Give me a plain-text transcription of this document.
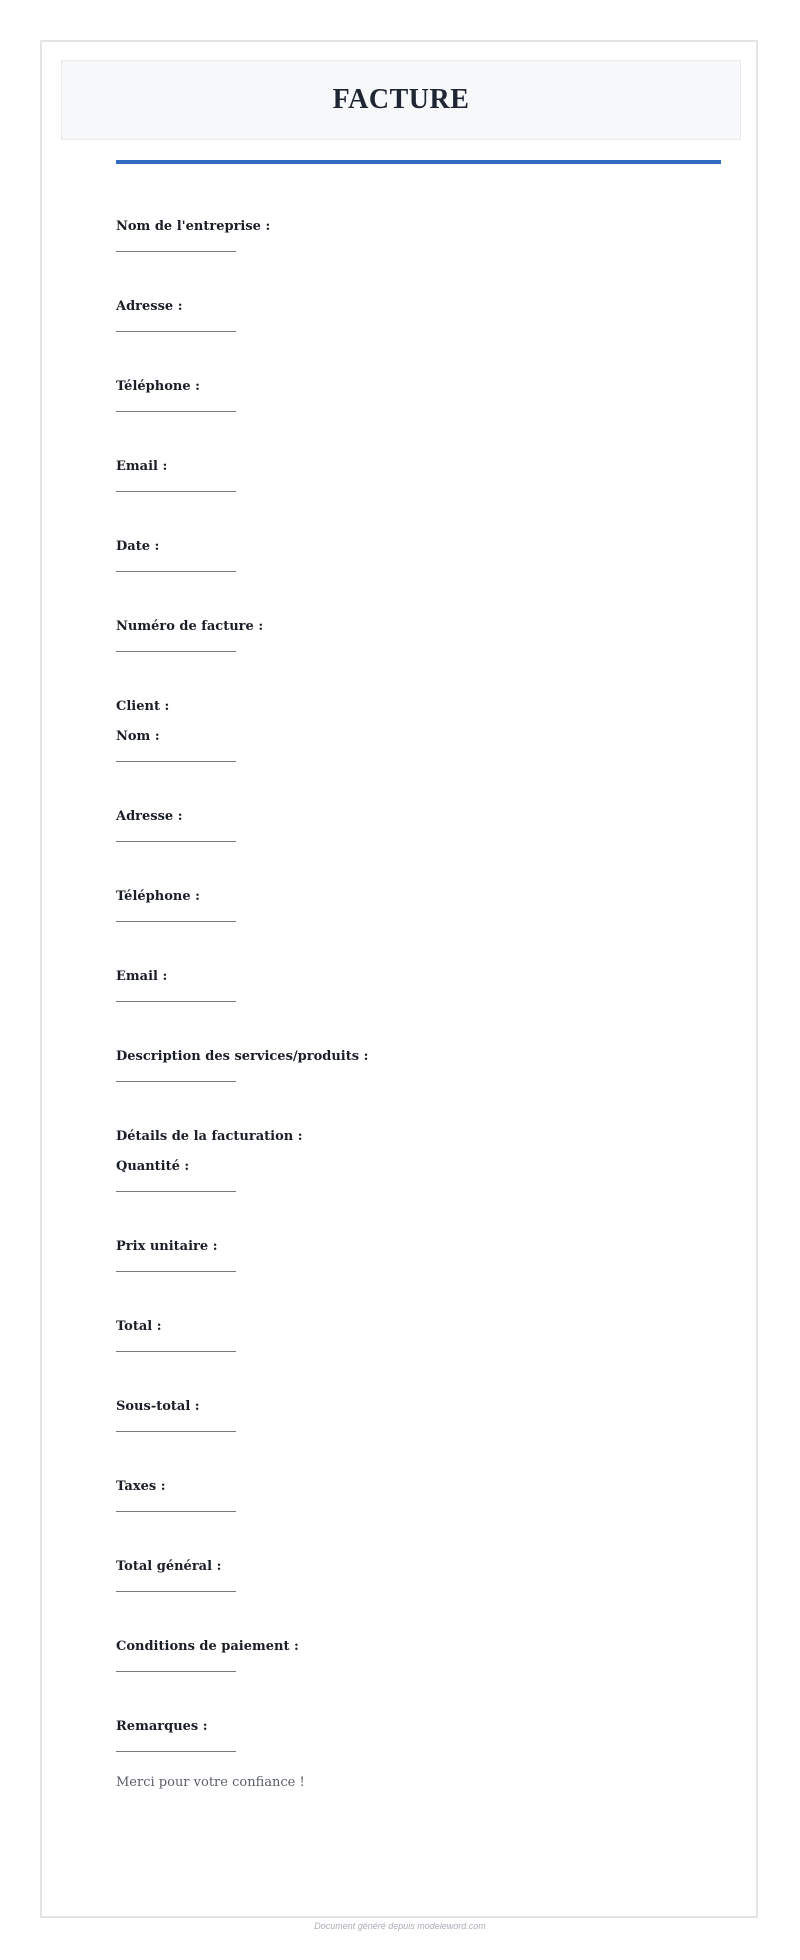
FACTURE
Nom de l'entreprise :
Adresse :
Téléphone :
Email :
Date :
Numéro de facture :
Client :
Nom :
Adresse :
Téléphone :
Email :
Description des services/produits :
Détails de la facturation :
Quantité :
Prix unitaire :
Total :
Sous-total :
Taxes :
Total général :
Conditions de paiement :
Remarques :
Merci pour votre confiance !
Document généré depuis modeleword.com
